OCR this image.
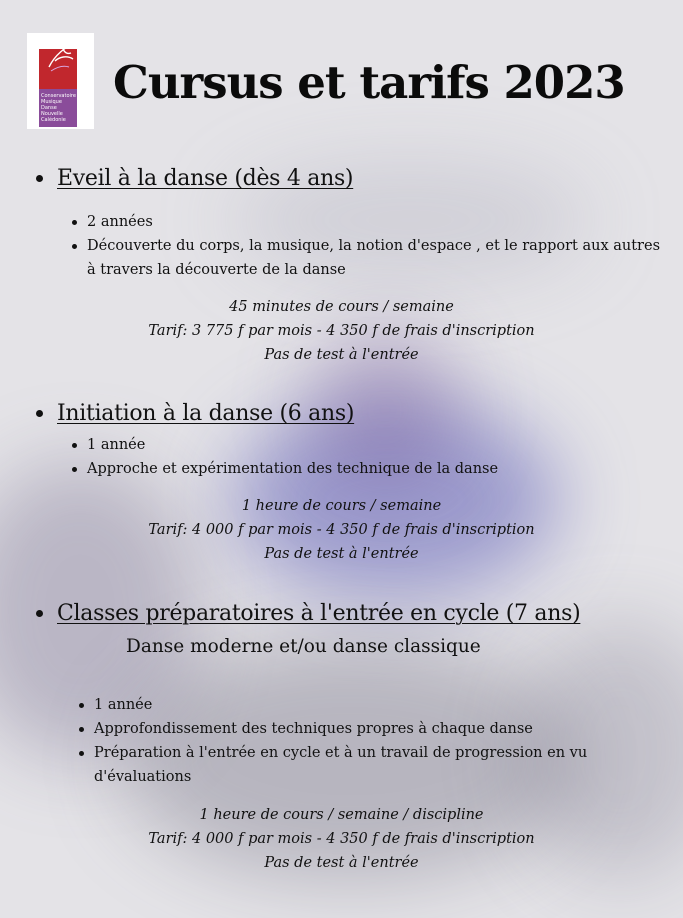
Conservatoire
Musique
Danse
Nouvelle
Calédonie
Cursus et tarifs 2023
Eveil à la danse (dès 4 ans)
2 années
Découverte du corps, la musique, la notion d'espace , et le rapport aux autres à travers la découverte de la danse
45 minutes de cours / semaine
Tarif: 3 775 f par mois - 4 350 f de frais d'inscription
Pas de test à l'entrée
Initiation à la danse (6 ans)
1 année
Approche et expérimentation des technique de la danse
1 heure de cours / semaine
Tarif: 4 000 f par mois - 4 350 f de frais d'inscription
Pas de test à l'entrée
Classes préparatoires à l'entrée en cycle (7 ans)
Danse moderne et/ou danse classique
1 année
Approfondissement des techniques propres à chaque danse
Préparation à l'entrée en cycle et à un travail de progression en vu d'évaluations
1 heure de cours / semaine / discipline
Tarif: 4 000 f par mois - 4 350 f de frais d'inscription
Pas de test à l'entrée
